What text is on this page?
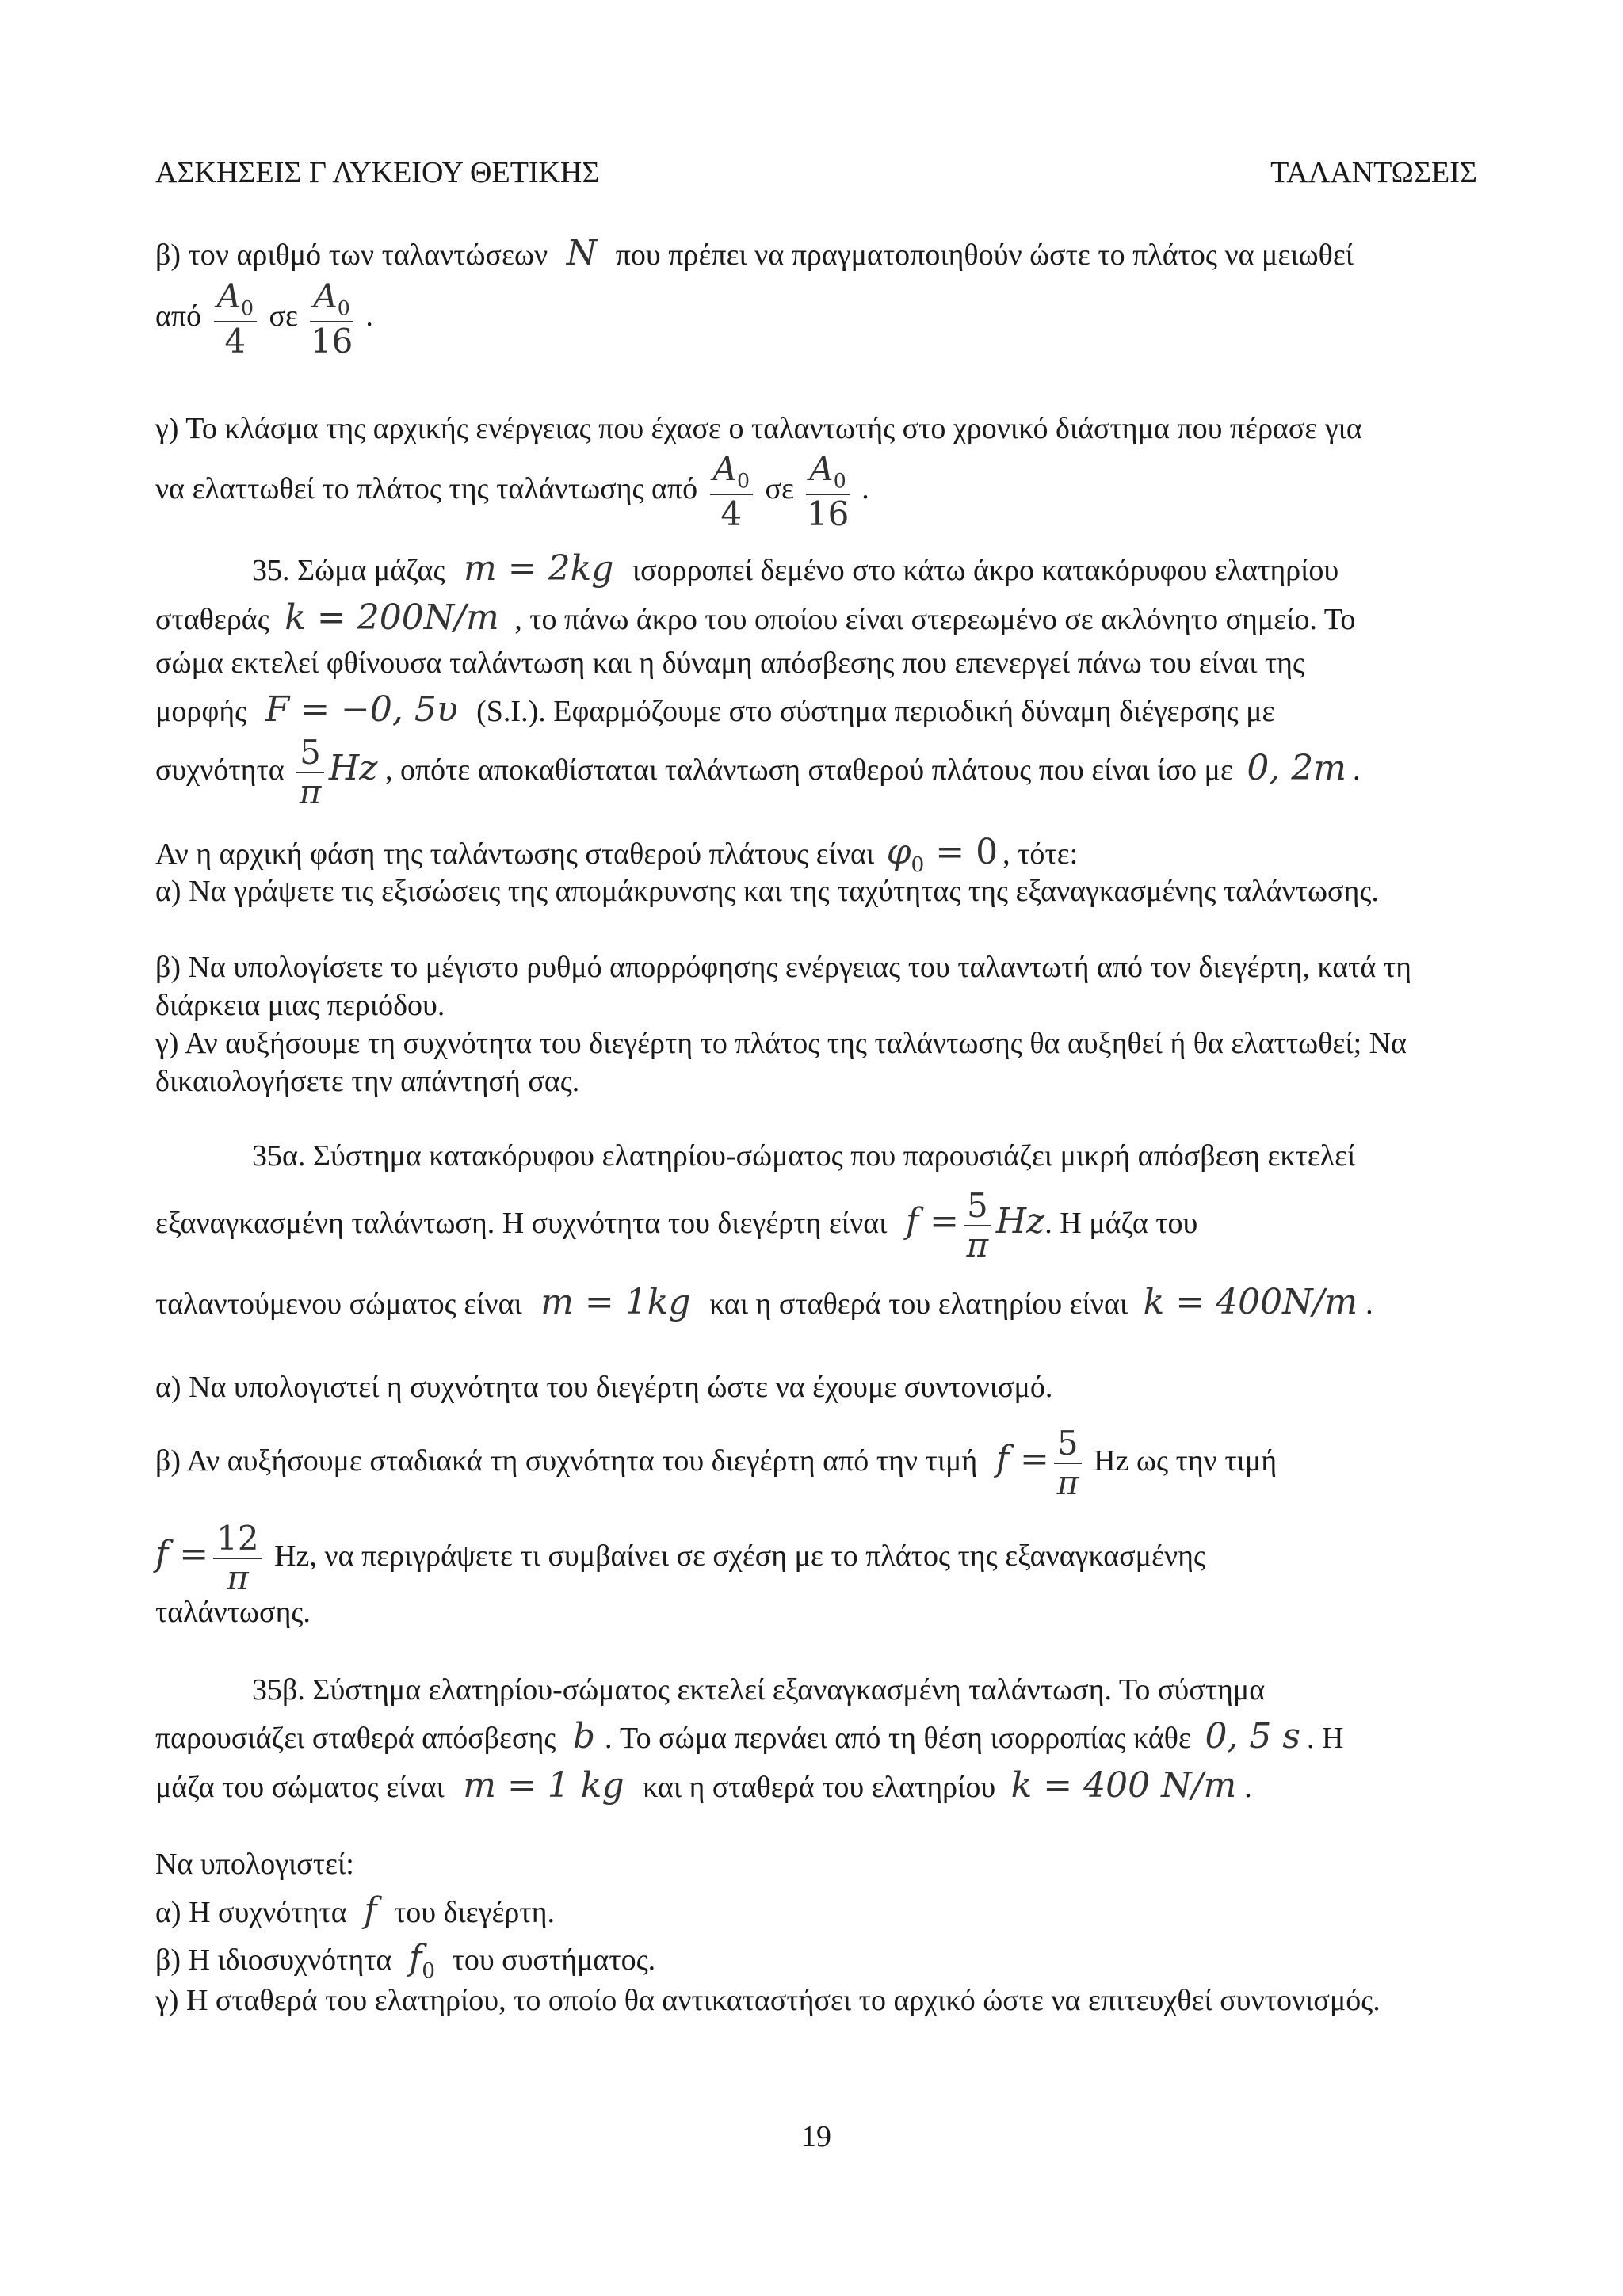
ΑΣΚΗΣΕΙΣ Γ ΛΥΚΕΙΟΥ ΘΕΤΙΚΗΣ	ΤΑΛΑΝΤΩΣΕΙΣ
β) τον αριθμό των ταλαντώσεων N που πρέπει να πραγματοποιηθούν ώστε το πλάτος να μειωθεί
από $\frac{A_0}{4}$ σε $\frac{A_0}{16}$ .
γ) Το κλάσμα της αρχικής ενέργειας που έχασε ο ταλαντωτής στο χρονικό διάστημα που πέρασε για
να ελαττωθεί το πλάτος της ταλάντωσης από $\frac{A_0}{4}$ σε $\frac{A_0}{16}$ .
35. Σώμα μάζας m = 2kg ισορροπεί δεμένο στο κάτω άκρο κατακόρυφου ελατηρίου
σταθεράς k = 200N/m , το πάνω άκρο του οποίου είναι στερεωμένο σε ακλόνητο σημείο. Το
σώμα εκτελεί φθίνουσα ταλάντωση και η δύναμη απόσβεσης που επενεργεί πάνω του είναι της
μορφής F = −0, 5υ (S.I.). Εφαρμόζουμε στο σύστημα περιοδική δύναμη διέγερσης με
συχνότητα $\frac{5}{\pi}$ Hz , οπότε αποκαθίσταται ταλάντωση σταθερού πλάτους που είναι ίσο με 0, 2m .
Αν η αρχική φάση της ταλάντωσης σταθερού πλάτους είναι $\varphi_0 = 0$ , τότε:
α) Να γράψετε τις εξισώσεις της απομάκρυνσης και της ταχύτητας της εξαναγκασμένης ταλάντωσης.
β) Να υπολογίσετε το μέγιστο ρυθμό απορρόφησης ενέργειας του ταλαντωτή από τον διεγέρτη, κατά τη διάρκεια μιας περιόδου.
γ) Αν αυξήσουμε τη συχνότητα του διεγέρτη το πλάτος της ταλάντωσης θα αυξηθεί ή θα ελαττωθεί; Να δικαιολογήσετε την απάντησή σας.
35α. Σύστημα κατακόρυφου ελατηρίου-σώματος που παρουσιάζει μικρή απόσβεση εκτελεί
εξαναγκασμένη ταλάντωση. Η συχνότητα του διεγέρτη είναι $f = \frac{5}{\pi} Hz$. Η μάζα του
ταλαντούμενου σώματος είναι m = 1kg και η σταθερά του ελατηρίου είναι k = 400N/m .
α) Να υπολογιστεί η συχνότητα του διεγέρτη ώστε να έχουμε συντονισμό.
β) Αν αυξήσουμε σταδιακά τη συχνότητα του διεγέρτη από την τιμή $f = \frac{5}{\pi}$ Hz ως την τιμή
$f = \frac{12}{\pi} Hz$, να περιγράψετε τι συμβαίνει σε σχέση με το πλάτος της εξαναγκασμένης
ταλάντωσης.
35β. Σύστημα ελατηρίου-σώματος εκτελεί εξαναγκασμένη ταλάντωση. Το σύστημα
παρουσιάζει σταθερά απόσβεσης b . Το σώμα περνάει από τη θέση ισορροπίας κάθε 0, 5 s . Η
μάζα του σώματος είναι m = 1 kg και η σταθερά του ελατηρίου k = 400 N/m .
Να υπολογιστεί:
α) Η συχνότητα f του διεγέρτη.
β) Η ιδιοσυχνότητα $f_0$ του συστήματος.
γ) Η σταθερά του ελατηρίου, το οποίο θα αντικαταστήσει το αρχικό ώστε να επιτευχθεί συντονισμός.
19
